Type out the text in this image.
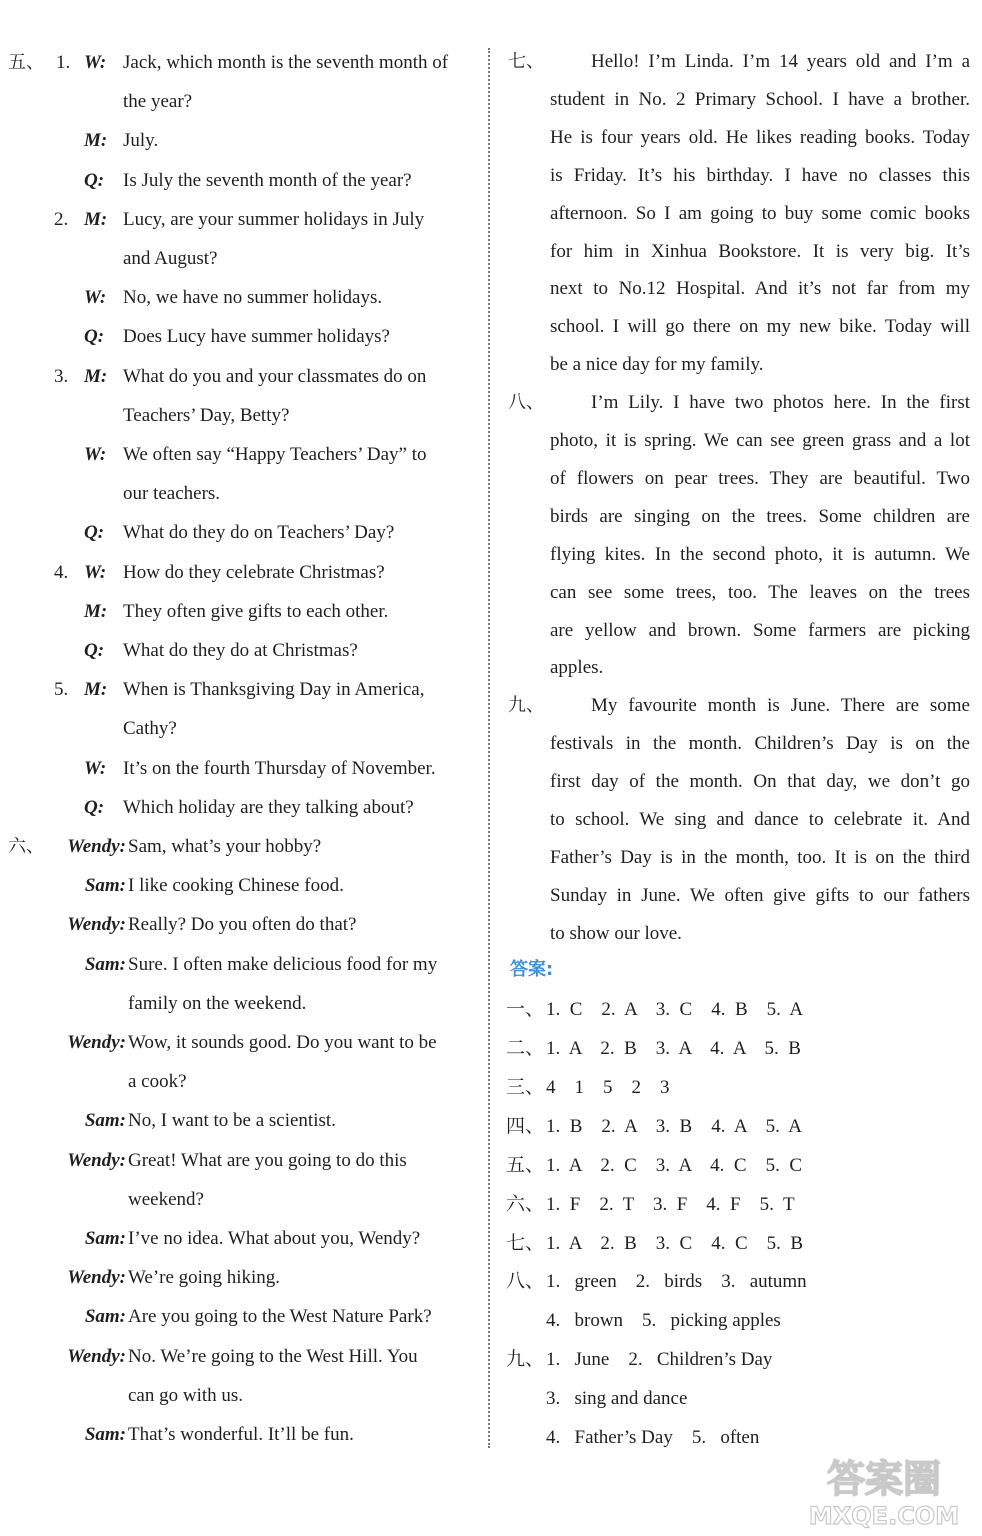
五、 1. W: Jack, which month is the seventh month of
the year?
M: July.
Q: Is July the seventh month of the year?
2. M: Lucy, are your summer holidays in July
and August?
W: No, we have no summer holidays.
Q: Does Lucy have summer holidays?
3. M: What do you and your classmates do on
Teachers’ Day, Betty?
W: We often say “Happy Teachers’ Day” to
our teachers.
Q: What do they do on Teachers’ Day?
4. W: How do they celebrate Christmas?
M: They often give gifts to each other.
Q: What do they do at Christmas?
5. M: When is Thanksgiving Day in America,
Cathy?
W: It’s on the fourth Thursday of November.
Q: Which holiday are they talking about?
六、 Wendy: Sam, what’s your hobby?
Sam: I like cooking Chinese food.
Wendy: Really? Do you often do that?
Sam: Sure. I often make delicious food for my
family on the weekend.
Wendy: Wow, it sounds good. Do you want to be
a cook?
Sam: No, I want to be a scientist.
Wendy: Great! What are you going to do this
weekend?
Sam: I’ve no idea. What about you, Wendy?
Wendy: We’re going hiking.
Sam: Are you going to the West Nature Park?
Wendy: No. We’re going to the West Hill. You
can go with us.
Sam: That’s wonderful. It’ll be fun.
七、 Hello! I’m Linda. I’m 14 years old and I’m a
student in No. 2 Primary School. I have a brother.
He is four years old. He likes reading books. Today
is Friday. It’s his birthday. I have no classes this
afternoon. So I am going to buy some comic books
for him in Xinhua Bookstore. It is very big. It’s
next to No.12 Hospital. And it’s not far from my
school. I will go there on my new bike. Today will
be a nice day for my family.
八、 I’m Lily. I have two photos here. In the first
photo, it is spring. We can see green grass and a lot
of flowers on pear trees. They are beautiful. Two
birds are singing on the trees. Some children are
flying kites. In the second photo, it is autumn. We
can see some trees, too. The leaves on the trees
are yellow and brown. Some farmers are picking
apples.
九、 My favourite month is June. There are some
festivals in the month. Children’s Day is on the
first day of the month. On that day, we don’t go
to school. We sing and dance to celebrate it. And
Father’s Day is in the month, too. It is on the third
Sunday in June. We often give gifts to our fathers
to show our love.
答案:
一、 1.  C    2.  A    3.  C    4.  B    5.  A
二、 1.  A    2.  B    3.  A    4.  A    5.  B
三、 4    1    5    2    3
四、 1.  B    2.  A    3.  B    4.  A    5.  A
五、 1.  A    2.  C    3.  A    4.  C    5.  C
六、 1.  F    2.  T    3.  F    4.  F    5.  T
七、 1.  A    2.  B    3.  C    4.  C    5.  B
八、 1.   green    2.   birds    3.   autumn
4.   brown    5.   picking apples
九、 1.   June    2.   Children’s Day
3.   sing and dance
4.   Father’s Day    5.   often
答案圈
MXQE.COM
